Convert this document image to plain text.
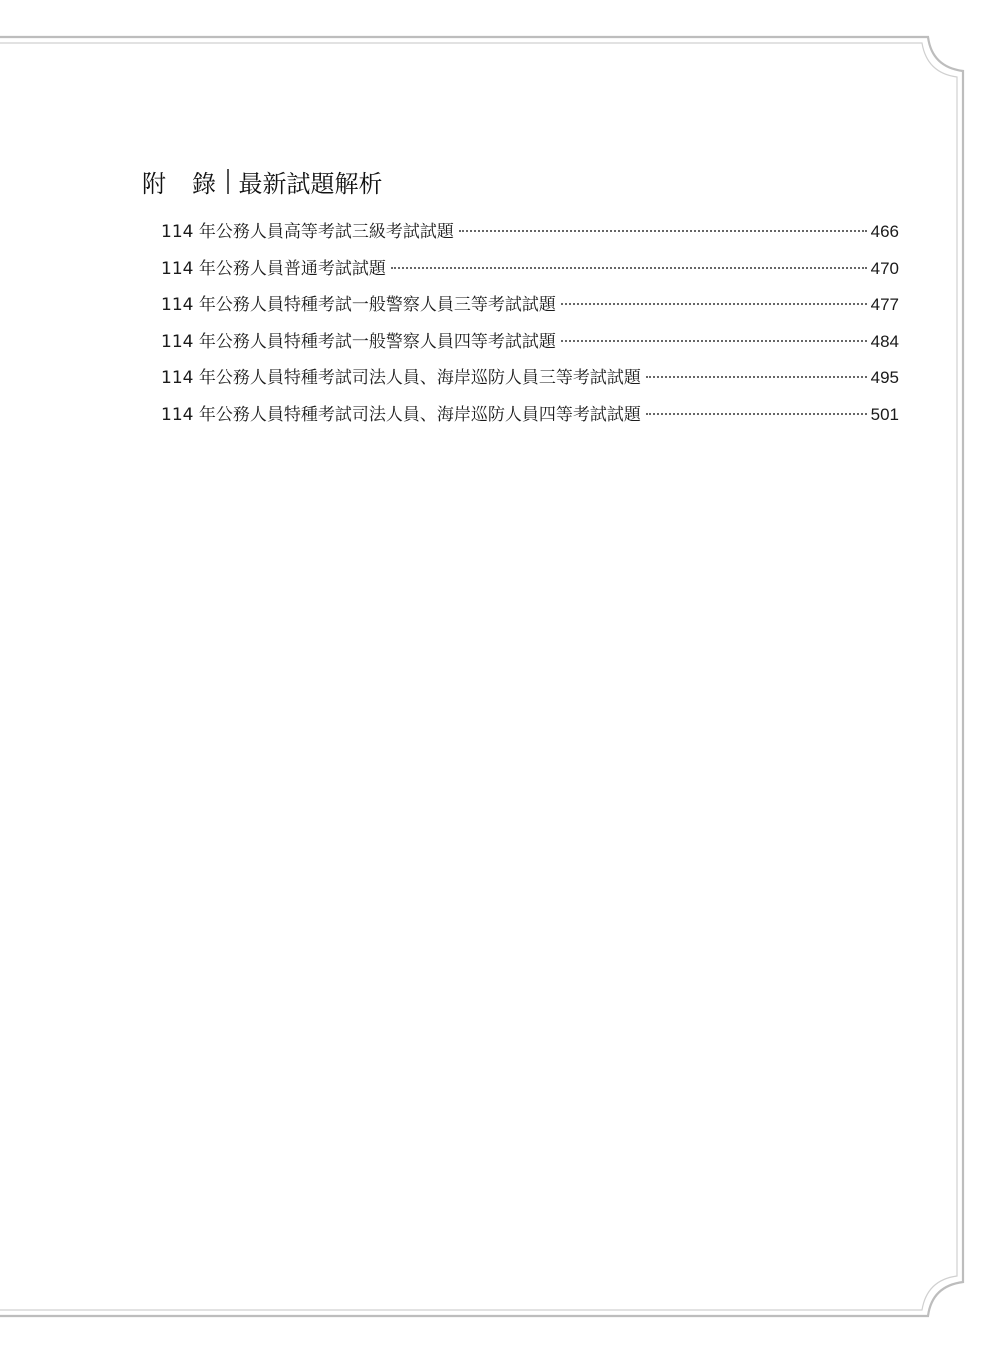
附 錄 最新試題解析
114 年公務人員高等考試三級考試試題	466
114 年公務人員普通考試試題	470
114 年公務人員特種考試一般警察人員三等考試試題	477
114 年公務人員特種考試一般警察人員四等考試試題	484
114 年公務人員特種考試司法人員、海岸巡防人員三等考試試題	495
114 年公務人員特種考試司法人員、海岸巡防人員四等考試試題	501
